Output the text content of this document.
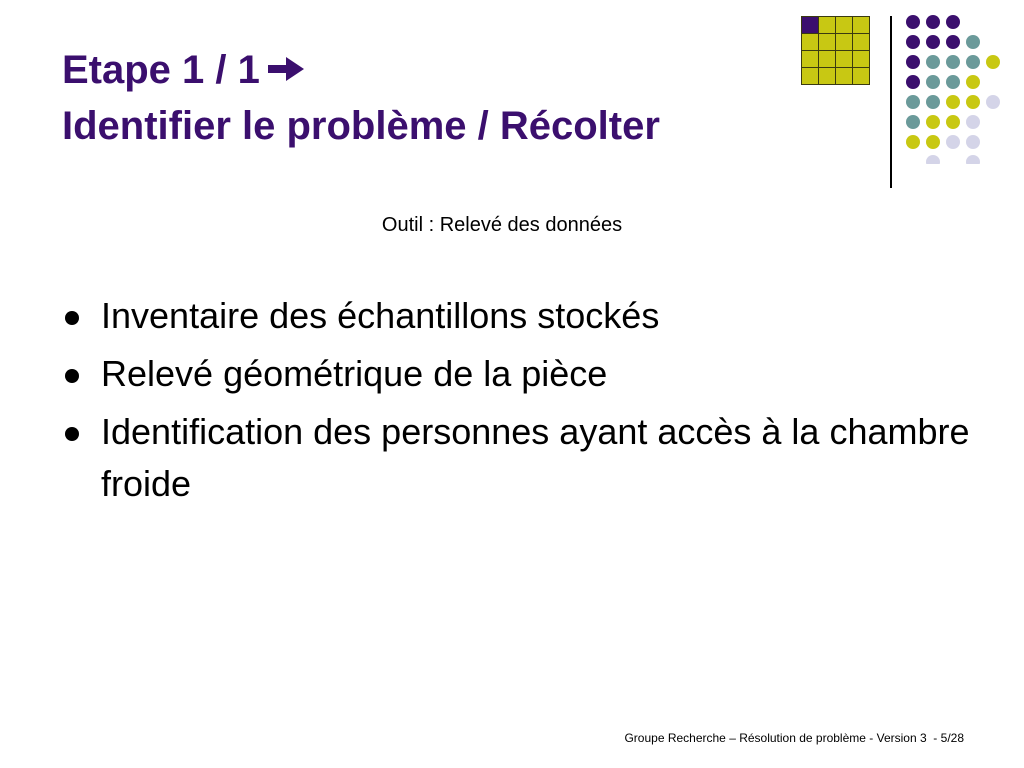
Etape 1 / 1
Identifier le problème / Récolter
Outil : Relevé des données
Inventaire des échantillons stockés
Relevé géométrique de la pièce
Identification des personnes ayant accès à la chambre froide
Groupe Recherche – Résolution de problème - Version 3  - 5/28
